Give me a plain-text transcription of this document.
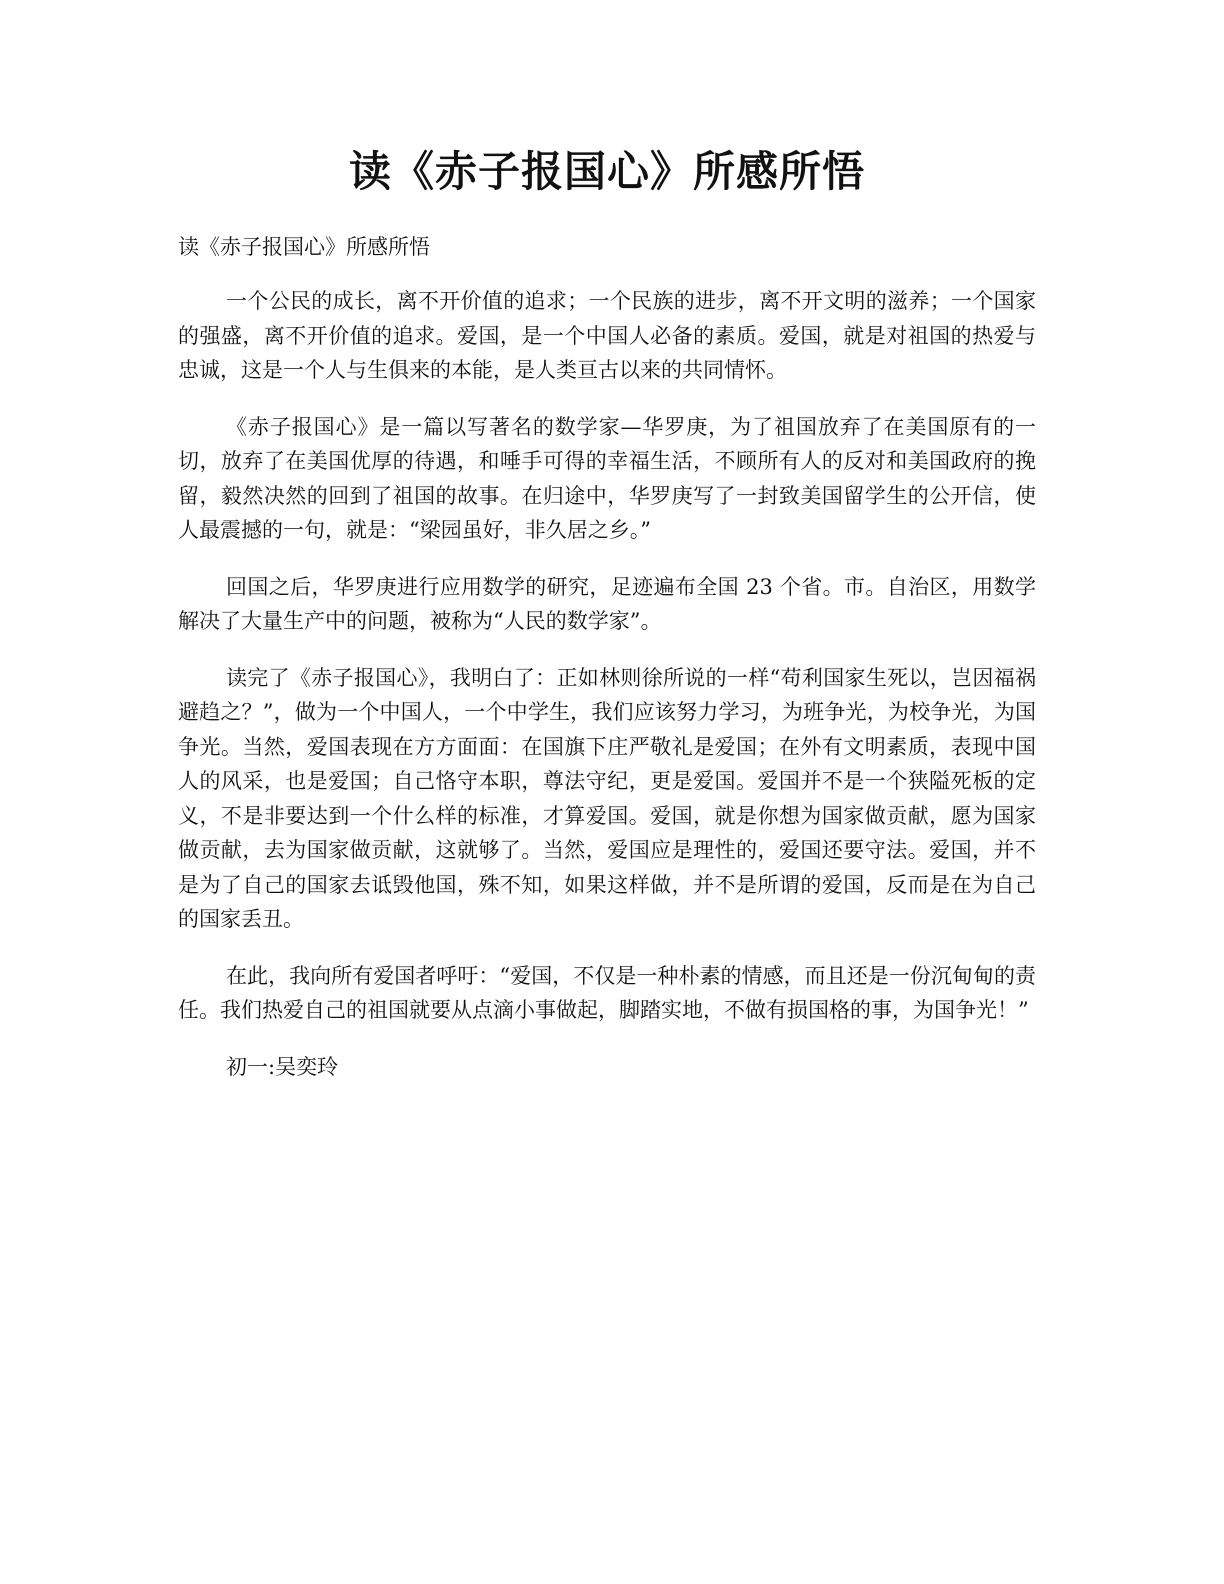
读《赤子报国心》所感所悟

读《赤子报国心》所感所悟

一个公民的成长，离不开价值的追求；一个民族的进步，离不开文明的滋养；一个国家的强盛，离不开价值的追求。爱国，是一个中国人必备的素质。爱国，就是对祖国的热爱与忠诚，这是一个人与生俱来的本能，是人类亘古以来的共同情怀。

《赤子报国心》是一篇以写著名的数学家—华罗庚，为了祖国放弃了在美国原有的一切，放弃了在美国优厚的待遇，和唾手可得的幸福生活，不顾所有人的反对和美国政府的挽留，毅然决然的回到了祖国的故事。在归途中，华罗庚写了一封致美国留学生的公开信，使人最震撼的一句，就是：“梁园虽好，非久居之乡。”

回国之后，华罗庚进行应用数学的研究，足迹遍布全国 23 个省。市。自治区，用数学解决了大量生产中的问题，被称为“人民的数学家”。

读完了《赤子报国心》，我明白了：正如林则徐所说的一样“苟利国家生死以，岂因福祸避趋之？”，做为一个中国人，一个中学生，我们应该努力学习，为班争光，为校争光，为国争光。当然，爱国表现在方方面面：在国旗下庄严敬礼是爱国；在外有文明素质，表现中国人的风采，也是爱国；自己恪守本职，尊法守纪，更是爱国。爱国并不是一个狭隘死板的定义，不是非要达到一个什么样的标准，才算爱国。爱国，就是你想为国家做贡献，愿为国家做贡献，去为国家做贡献，这就够了。当然，爱国应是理性的，爱国还要守法。爱国，并不是为了自己的国家去诋毁他国，殊不知，如果这样做，并不是所谓的爱国，反而是在为自己的国家丢丑。

在此，我向所有爱国者呼吁：“爱国，不仅是一种朴素的情感，而且还是一份沉甸甸的责任。我们热爱自己的祖国就要从点滴小事做起，脚踏实地，不做有损国格的事，为国争光！”

初一:吴奕玲
